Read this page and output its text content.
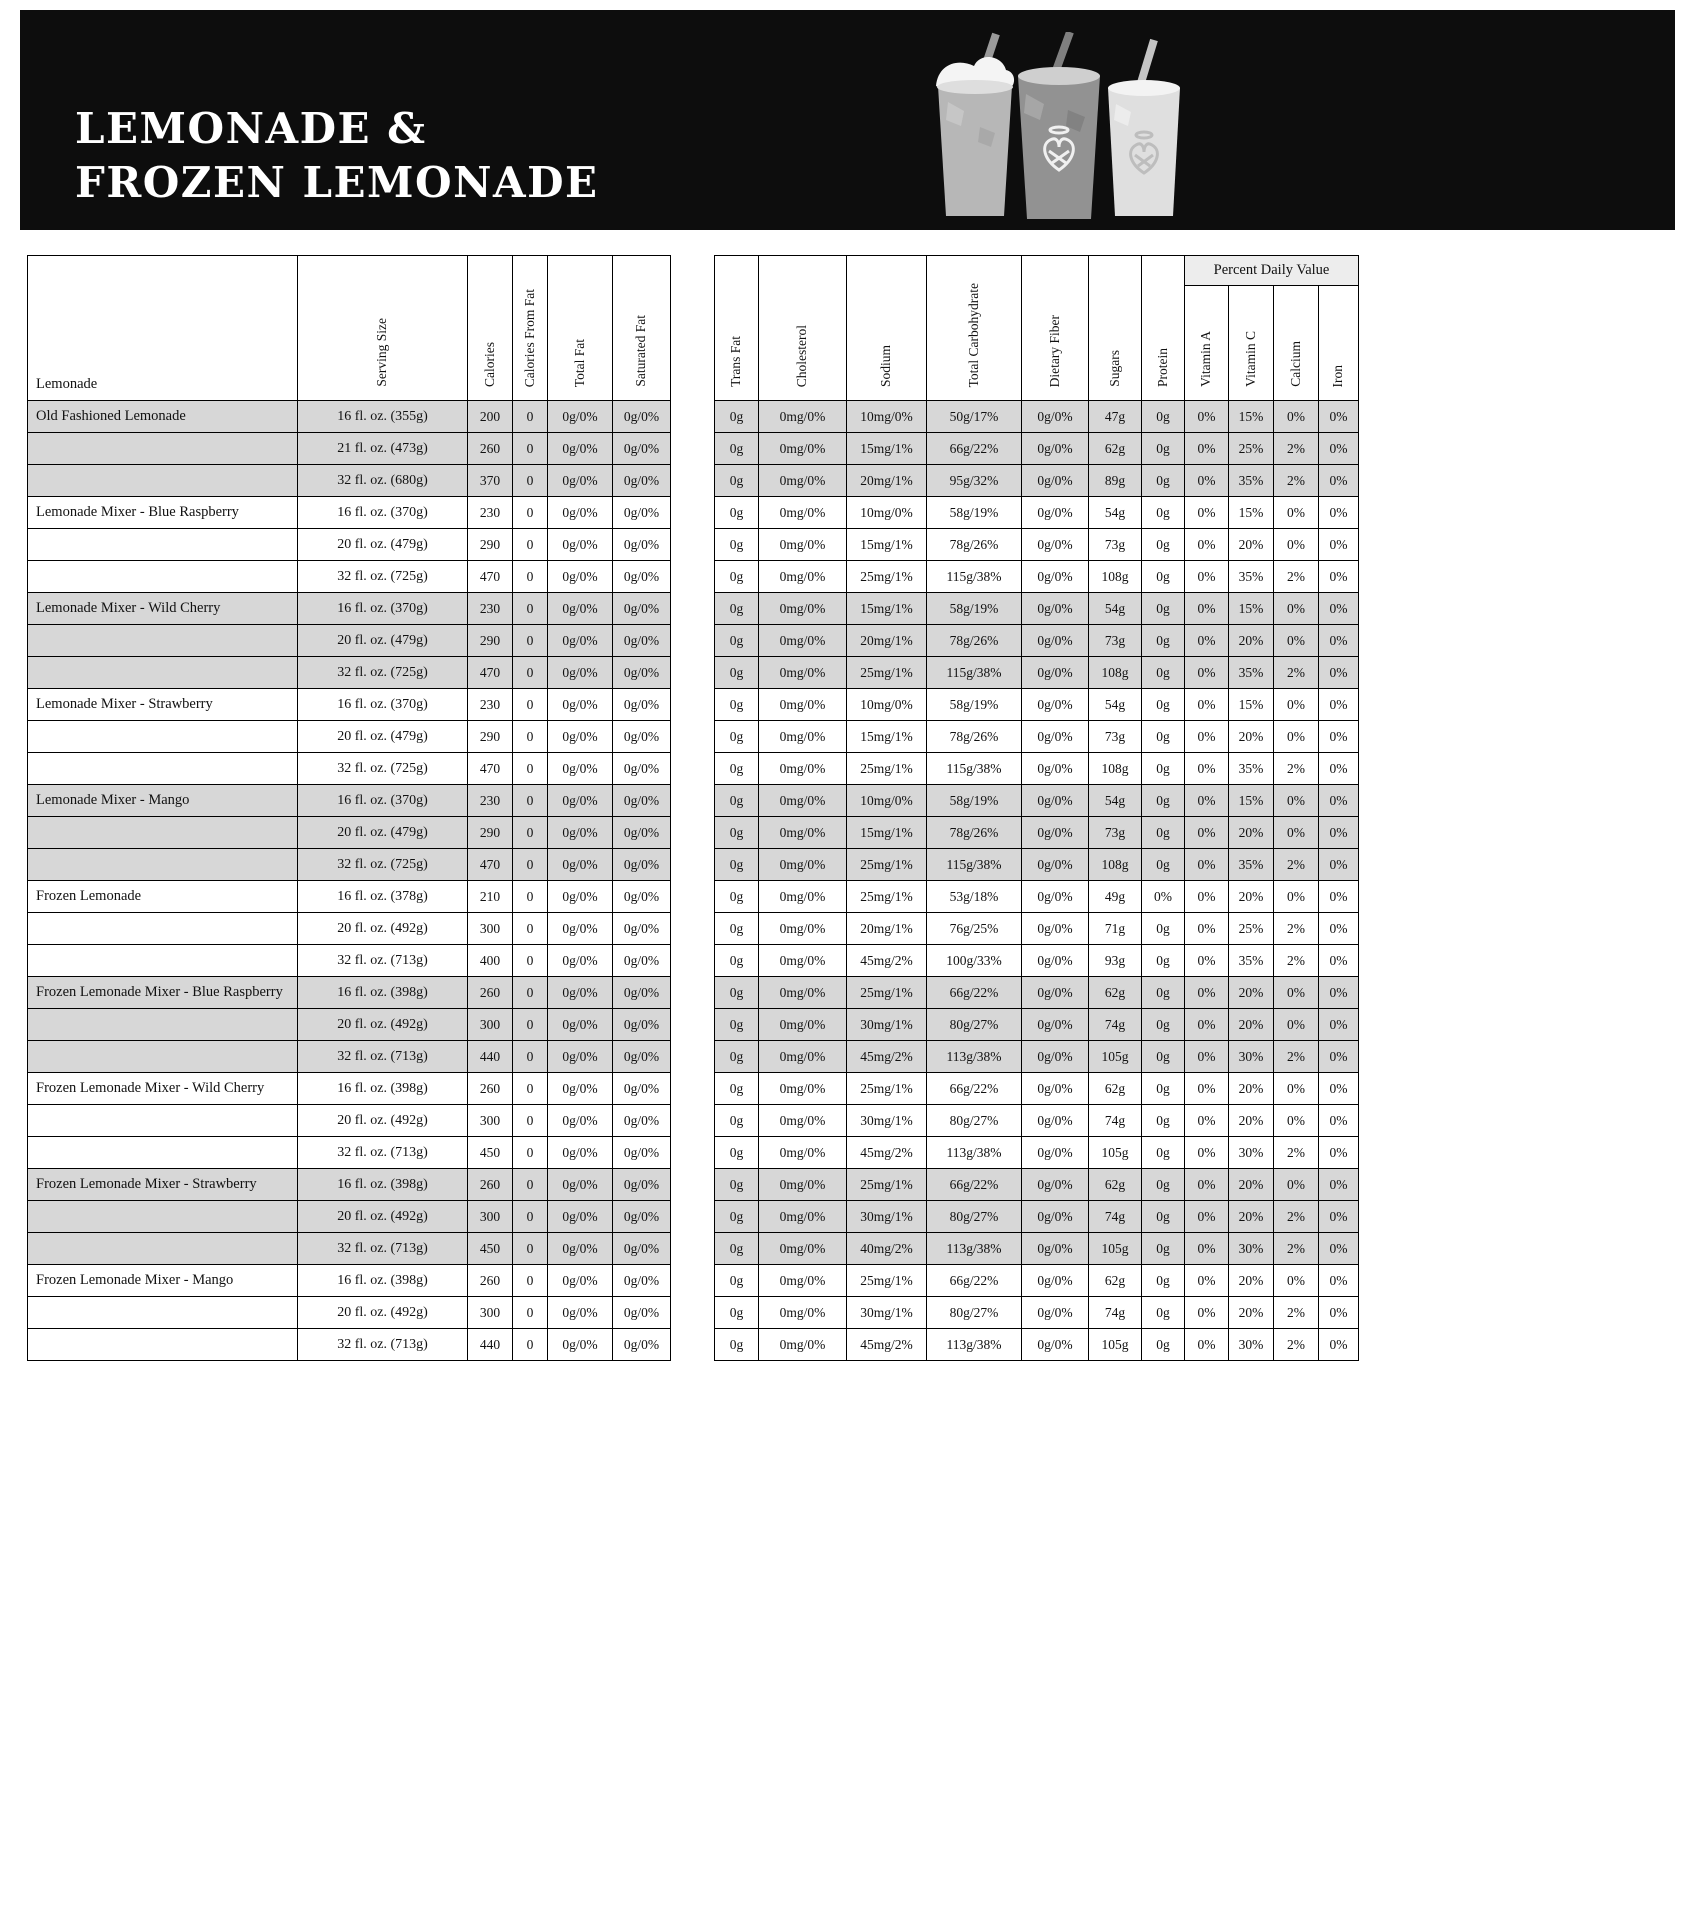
LEMONADE &
FROZEN LEMONADE
Lemonade	Serving Size	Calories	Calories From Fat	Total Fat	Saturated Fat
Old Fashioned Lemonade	16 fl. oz. (355g)	200	0	0g/0%	0g/0%
	21 fl. oz. (473g)	260	0	0g/0%	0g/0%
	32 fl. oz. (680g)	370	0	0g/0%	0g/0%
Lemonade Mixer - Blue Raspberry	16 fl. oz. (370g)	230	0	0g/0%	0g/0%
	20 fl. oz. (479g)	290	0	0g/0%	0g/0%
	32 fl. oz. (725g)	470	0	0g/0%	0g/0%
Lemonade Mixer - Wild Cherry	16 fl. oz. (370g)	230	0	0g/0%	0g/0%
	20 fl. oz. (479g)	290	0	0g/0%	0g/0%
	32 fl. oz. (725g)	470	0	0g/0%	0g/0%
Lemonade Mixer - Strawberry	16 fl. oz. (370g)	230	0	0g/0%	0g/0%
	20 fl. oz. (479g)	290	0	0g/0%	0g/0%
	32 fl. oz. (725g)	470	0	0g/0%	0g/0%
Lemonade Mixer - Mango	16 fl. oz. (370g)	230	0	0g/0%	0g/0%
	20 fl. oz. (479g)	290	0	0g/0%	0g/0%
	32 fl. oz. (725g)	470	0	0g/0%	0g/0%
Frozen Lemonade	16 fl. oz. (378g)	210	0	0g/0%	0g/0%
	20 fl. oz. (492g)	300	0	0g/0%	0g/0%
	32 fl. oz. (713g)	400	0	0g/0%	0g/0%
Frozen Lemonade Mixer - Blue Raspberry	16 fl. oz. (398g)	260	0	0g/0%	0g/0%
	20 fl. oz. (492g)	300	0	0g/0%	0g/0%
	32 fl. oz. (713g)	440	0	0g/0%	0g/0%
Frozen Lemonade Mixer - Wild Cherry	16 fl. oz. (398g)	260	0	0g/0%	0g/0%
	20 fl. oz. (492g)	300	0	0g/0%	0g/0%
	32 fl. oz. (713g)	450	0	0g/0%	0g/0%
Frozen Lemonade Mixer - Strawberry	16 fl. oz. (398g)	260	0	0g/0%	0g/0%
	20 fl. oz. (492g)	300	0	0g/0%	0g/0%
	32 fl. oz. (713g)	450	0	0g/0%	0g/0%
Frozen Lemonade Mixer - Mango	16 fl. oz. (398g)	260	0	0g/0%	0g/0%
	20 fl. oz. (492g)	300	0	0g/0%	0g/0%
	32 fl. oz. (713g)	440	0	0g/0%	0g/0%
Trans Fat	Cholesterol	Sodium	Total Carbohydrate	Dietary Fiber	Sugars	Protein	Percent Daily Value			
							Vitamin A	Vitamin C	Calcium	Iron
0g	0mg/0%	10mg/0%	50g/17%	0g/0%	47g	0g	0%	15%	0%	0%
0g	0mg/0%	15mg/1%	66g/22%	0g/0%	62g	0g	0%	25%	2%	0%
0g	0mg/0%	20mg/1%	95g/32%	0g/0%	89g	0g	0%	35%	2%	0%
0g	0mg/0%	10mg/0%	58g/19%	0g/0%	54g	0g	0%	15%	0%	0%
0g	0mg/0%	15mg/1%	78g/26%	0g/0%	73g	0g	0%	20%	0%	0%
0g	0mg/0%	25mg/1%	115g/38%	0g/0%	108g	0g	0%	35%	2%	0%
0g	0mg/0%	15mg/1%	58g/19%	0g/0%	54g	0g	0%	15%	0%	0%
0g	0mg/0%	20mg/1%	78g/26%	0g/0%	73g	0g	0%	20%	0%	0%
0g	0mg/0%	25mg/1%	115g/38%	0g/0%	108g	0g	0%	35%	2%	0%
0g	0mg/0%	10mg/0%	58g/19%	0g/0%	54g	0g	0%	15%	0%	0%
0g	0mg/0%	15mg/1%	78g/26%	0g/0%	73g	0g	0%	20%	0%	0%
0g	0mg/0%	25mg/1%	115g/38%	0g/0%	108g	0g	0%	35%	2%	0%
0g	0mg/0%	10mg/0%	58g/19%	0g/0%	54g	0g	0%	15%	0%	0%
0g	0mg/0%	15mg/1%	78g/26%	0g/0%	73g	0g	0%	20%	0%	0%
0g	0mg/0%	25mg/1%	115g/38%	0g/0%	108g	0g	0%	35%	2%	0%
0g	0mg/0%	25mg/1%	53g/18%	0g/0%	49g	0%	0%	20%	0%	0%
0g	0mg/0%	20mg/1%	76g/25%	0g/0%	71g	0g	0%	25%	2%	0%
0g	0mg/0%	45mg/2%	100g/33%	0g/0%	93g	0g	0%	35%	2%	0%
0g	0mg/0%	25mg/1%	66g/22%	0g/0%	62g	0g	0%	20%	0%	0%
0g	0mg/0%	30mg/1%	80g/27%	0g/0%	74g	0g	0%	20%	0%	0%
0g	0mg/0%	45mg/2%	113g/38%	0g/0%	105g	0g	0%	30%	2%	0%
0g	0mg/0%	25mg/1%	66g/22%	0g/0%	62g	0g	0%	20%	0%	0%
0g	0mg/0%	30mg/1%	80g/27%	0g/0%	74g	0g	0%	20%	0%	0%
0g	0mg/0%	45mg/2%	113g/38%	0g/0%	105g	0g	0%	30%	2%	0%
0g	0mg/0%	25mg/1%	66g/22%	0g/0%	62g	0g	0%	20%	0%	0%
0g	0mg/0%	30mg/1%	80g/27%	0g/0%	74g	0g	0%	20%	2%	0%
0g	0mg/0%	40mg/2%	113g/38%	0g/0%	105g	0g	0%	30%	2%	0%
0g	0mg/0%	25mg/1%	66g/22%	0g/0%	62g	0g	0%	20%	0%	0%
0g	0mg/0%	30mg/1%	80g/27%	0g/0%	74g	0g	0%	20%	2%	0%
0g	0mg/0%	45mg/2%	113g/38%	0g/0%	105g	0g	0%	30%	2%	0%
